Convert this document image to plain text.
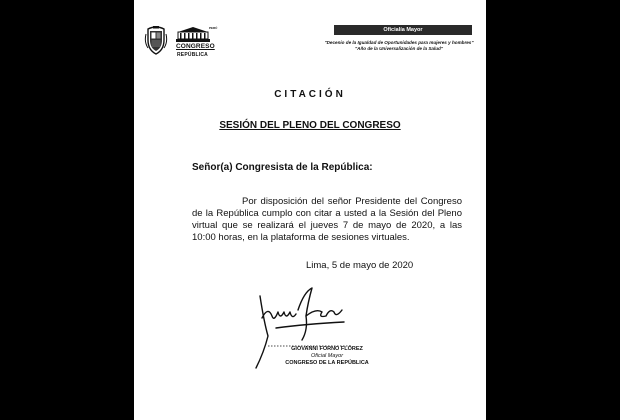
PERÚ
CONGRESO
REPÚBLICA
Oficialía Mayor
"Decenio de la Igualdad de Oportunidades para mujeres y hombres"
"Año de la Universalización de la Salud"
CITACIÓN
SESIÓN DEL PLENO DEL CONGRESO
Señor(a) Congresista de la República:
Por disposición del señor Presidente del Congreso de la República cumplo con citar a usted a la Sesión del Pleno virtual que se realizará el jueves 7 de mayo de 2020, a las 10:00 horas, en la plataforma de sesiones virtuales.
Lima, 5 de mayo de 2020
GIOVANNI FORNO FLÓREZ
Oficial Mayor
CONGRESO DE LA REPÚBLICA
